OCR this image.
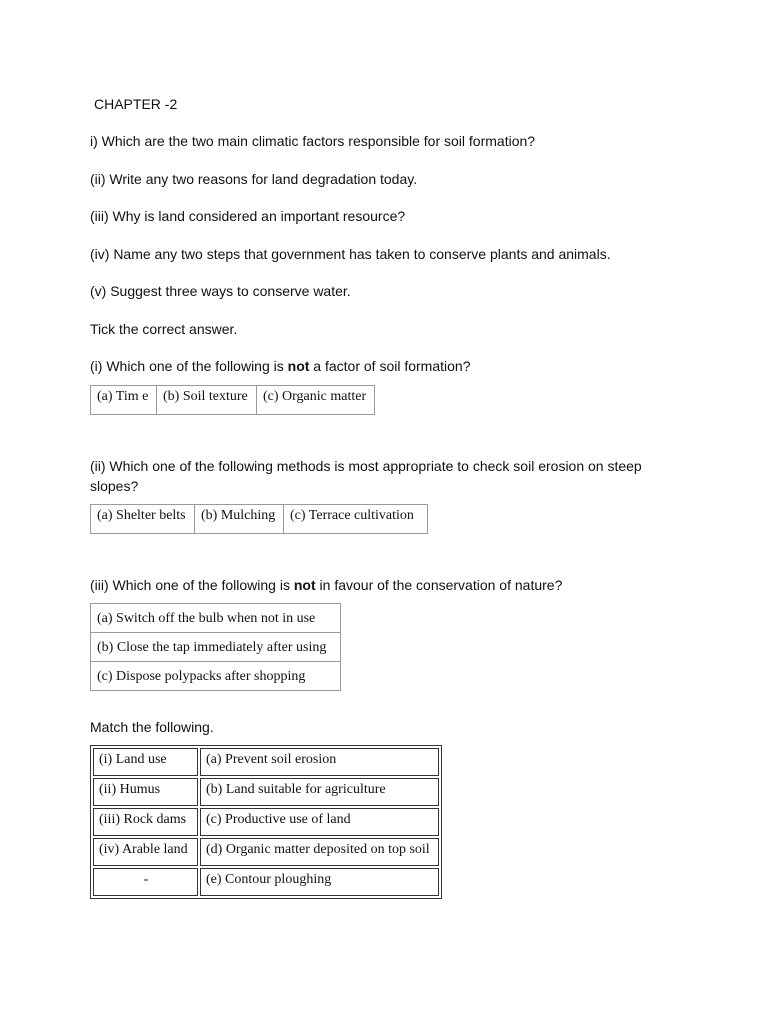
CHAPTER -2
i) Which are the two main climatic factors responsible for soil formation?
(ii) Write any two reasons for land degradation today.
(iii) Why is land considered an important resource?
(iv) Name any two steps that government has taken to conserve plants and animals.
(v) Suggest three ways to conserve water.
Tick the correct answer.
(i) Which one of the following is not a factor of soil formation?
(a) Tim e	(b) Soil texture	(c) Organic matter
(ii) Which one of the following methods is most appropriate to check soil erosion on steep slopes?
(a) Shelter belts	(b) Mulching	(c) Terrace cultivation
(iii) Which one of the following is not in favour of the conservation of nature?
(a) Switch off the bulb when not in use
(b) Close the tap immediately after using
(c) Dispose polypacks after shopping
Match the following.
(i) Land use	(a) Prevent soil erosion
(ii) Humus	(b) Land suitable for agriculture
(iii) Rock dams	(c) Productive use of land
(iv) Arable land	(d) Organic matter deposited on top soil
-	(e) Contour ploughing
